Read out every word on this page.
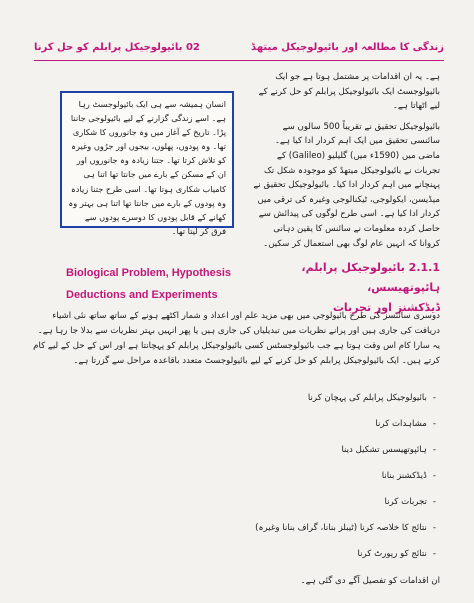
02 بائیولوجیکل پرابلم کو حل کرنا	زندگی کا مطالعہ اور بائیولوجیکل میتھڈ

ہے۔ یہ ان اقدامات پر مشتمل ہوتا ہے جو ایک بائیولوجسٹ ایک بائیولوجیکل پرابلم کو حل کرنے کے لیے اٹھاتا ہے۔

بائیولوجیکل تحقیق نے تقریباً 500 سالوں سے سائنسی تحقیق میں ایک اہم کردار ادا کیا ہے۔ ماضی میں (1590ء میں) گلیلیو (Galileo) کے تجربات نے بائیولوجیکل میتھڈ کو موجودہ شکل تک پہنچانے میں اہم کردار ادا کیا۔ بائیولوجیکل تحقیق نے میڈیسن، ایکولوجی، ٹیکنالوجی وغیرہ کی ترقی میں کردار ادا کیا ہے۔ اسی طرح لوگوں کی پیدائش سے حاصل کردہ معلومات نے سائنس کا یقین دہانی کروانا کہ انہیں عام لوگ بھی استعمال کر سکیں۔

انسان ہمیشہ سے ہی ایک بائیولوجسٹ رہا ہے۔ اسے زندگی گزارنے کے لیے بائیولوجی جاننا پڑا۔ تاریخ کے آغاز میں وہ جانوروں کا شکاری تھا۔ وہ پودوں، پھلوں، بیجوں اور جڑوں وغیرہ کو تلاش کرتا تھا۔ جتنا زیادہ وہ جانوروں اور ان کے مسکن کے بارے میں جانتا تھا اتنا ہی کامیاب شکاری ہوتا تھا۔ اسی طرح جتنا زیادہ وہ پودوں کے بارے میں جانتا تھا اتنا ہی بہتر وہ کھانے کے قابل پودوں کا دوسرے پودوں سے فرق کر لیتا تھا۔
Biological Problem, Hypothesis
Deductions and Experiments
2.1.1 بائیولوجیکل پرابلم، ہائپوتھیسس،
ڈیڈکشنز اور تجربات

دوسری سائنسز کی طرح بائیولوجی میں بھی مزید علم اور اعداد و شمار اکٹھے ہونے کے ساتھ ساتھ نئی اشیاء دریافت کی جاری ہیں اور پرانے نظریات میں تبدیلیاں کی جاری ہیں یا پھر انہیں بہتر نظریات سے بدلا جا رہا ہے۔ یہ سارا کام اس وقت ہوتا ہے جب بائیولوجسٹس کسی بائیولوجیکل پرابلم کو پہچانتا ہے اور اس کے حل کے لیے کام کرتے ہیں۔ ایک بائیولوجیکل پرابلم کو حل کرنے کے لیے بائیولوجسٹ متعدد باقاعدہ مراحل سے گزرتا ہے۔

-بائیولوجیکل پرابلم کی پہچان کرنا
-مشاہدات کرنا
-ہائپوتھیسس تشکیل دینا
-ڈیڈکشنز بنانا
-تجربات کرنا
-نتائج کا خلاصہ کرنا (ٹیبلز بنانا، گراف بنانا وغیرہ)
-نتائج کو رپورٹ کرنا
ان اقدامات کو تفصیل آگے دی گئی ہے۔
